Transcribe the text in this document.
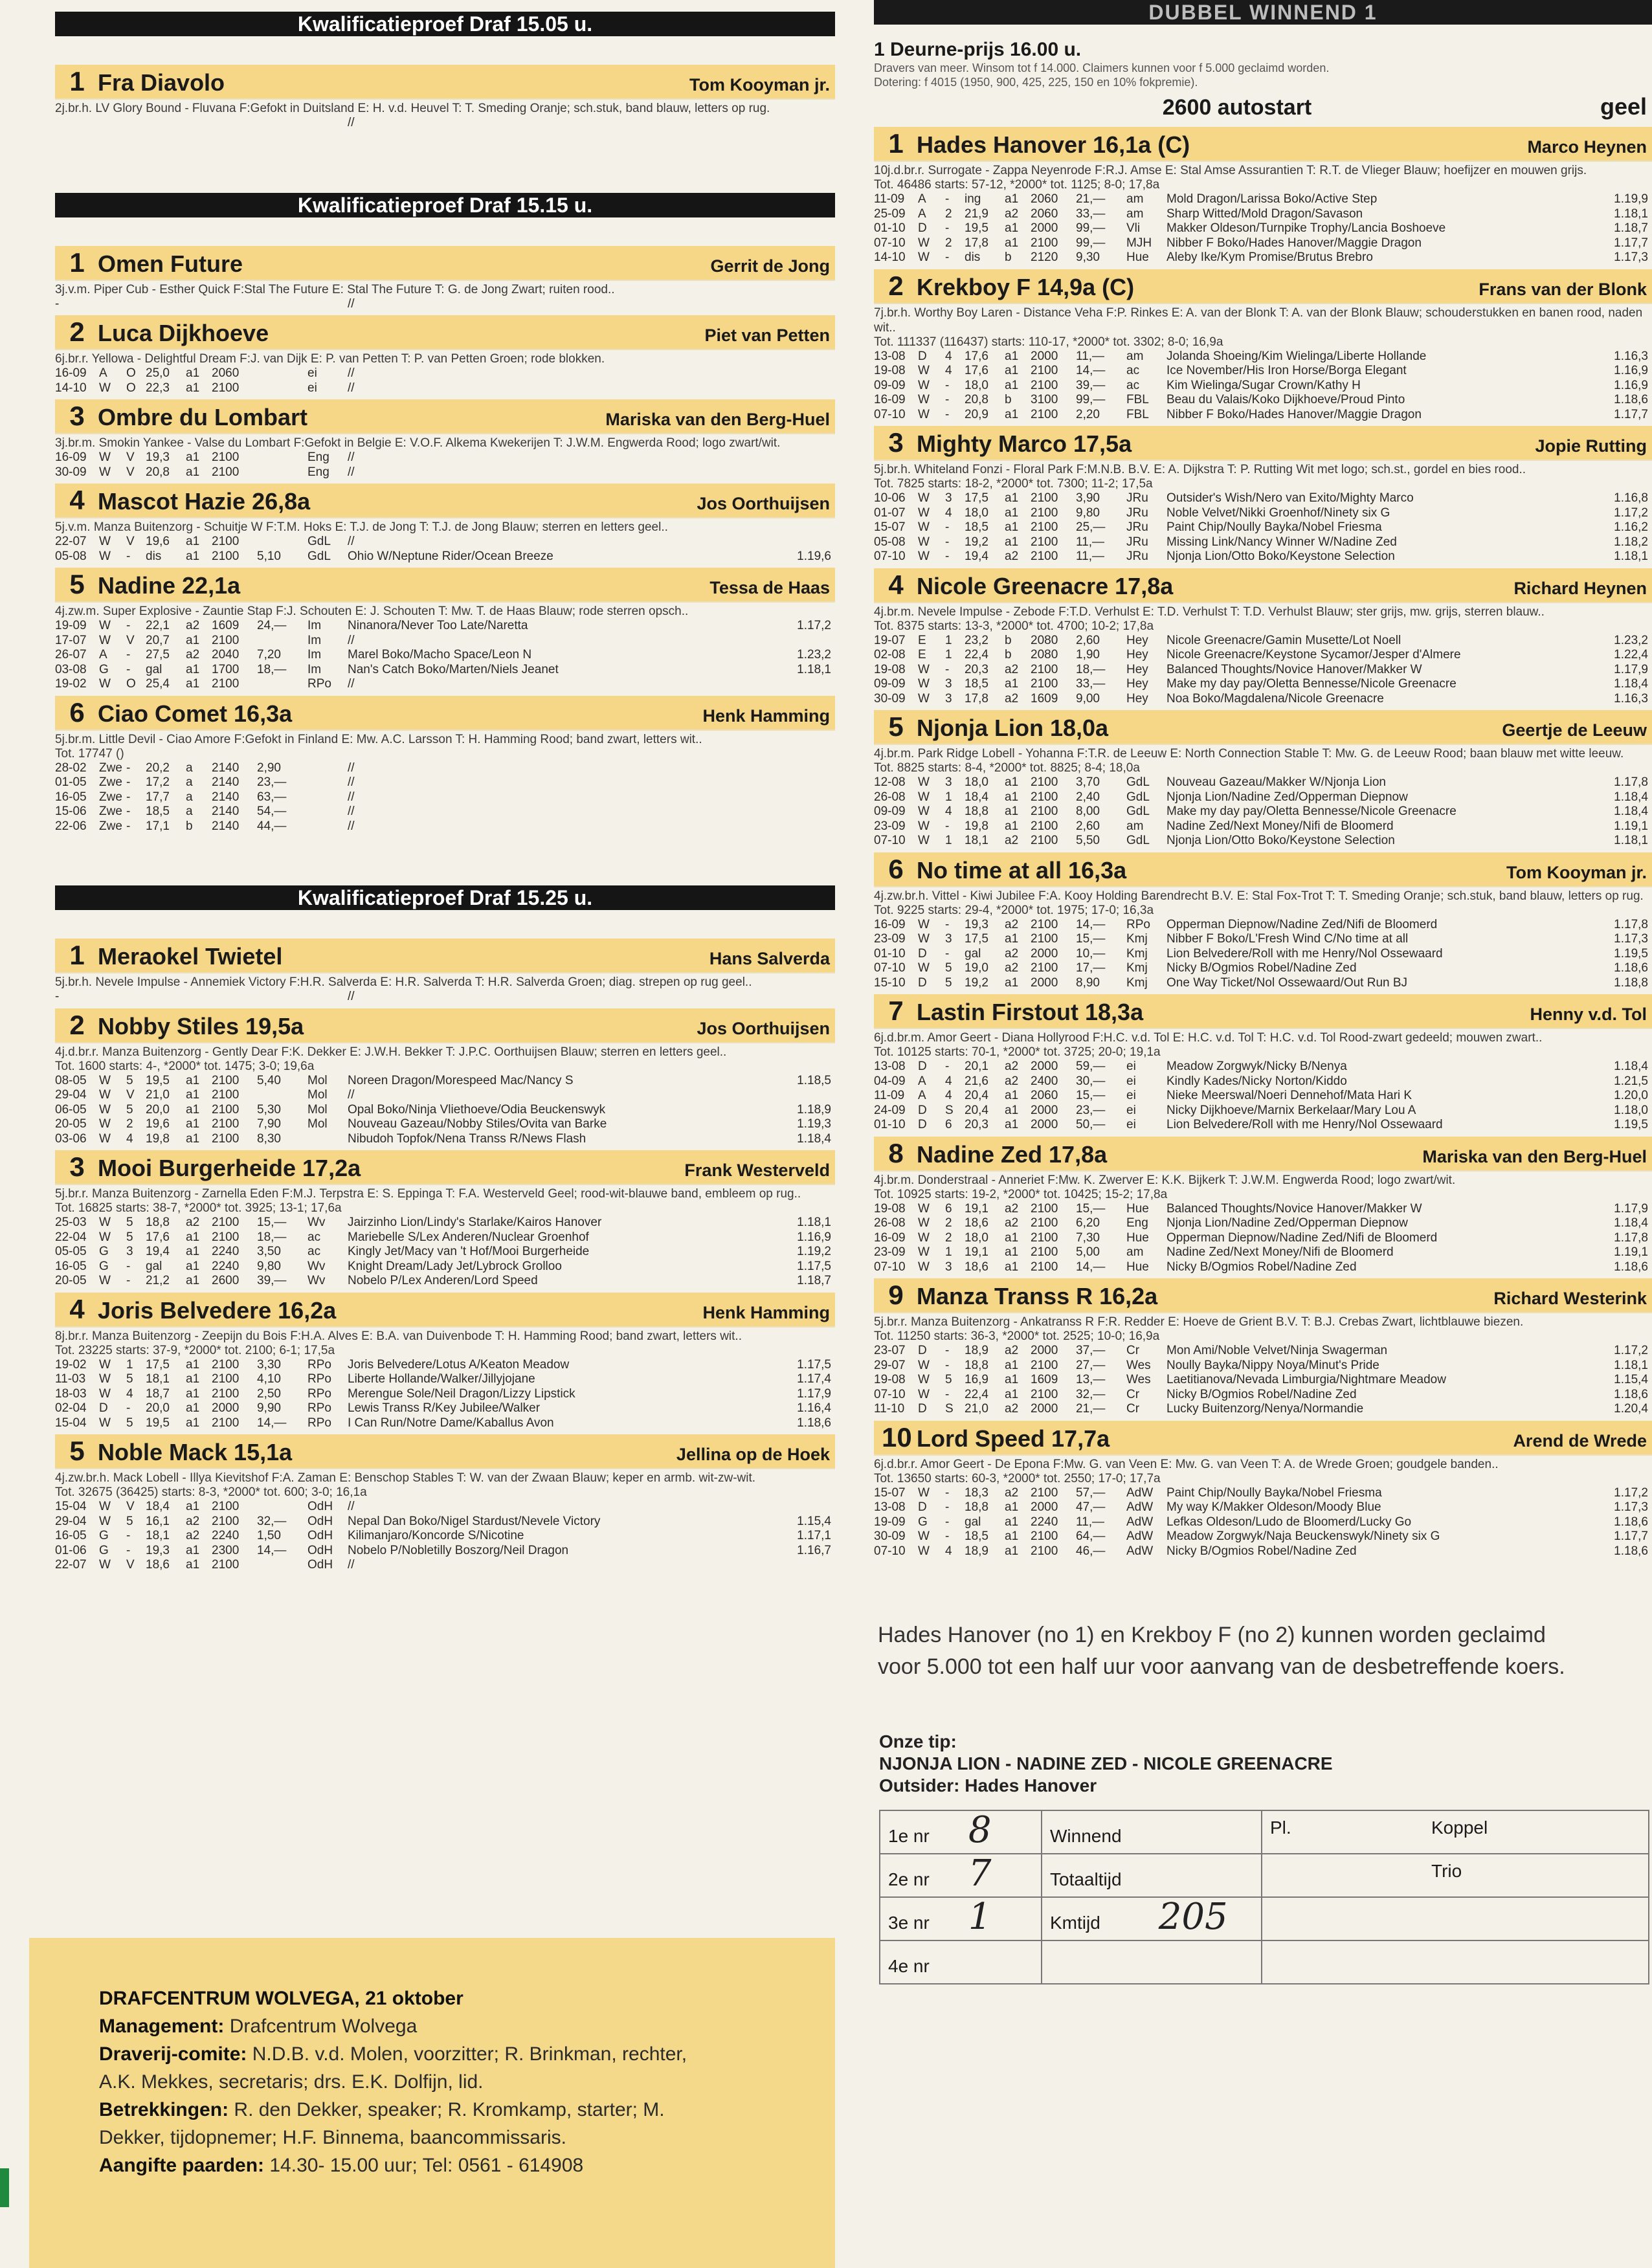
Kwalificatieproef Draf 15.05 u.
1 Fra Diavolo	Tom Kooyman jr.
2j.br.h. LV Glory Bound - Fluvana F:Gefokt in Duitsland E: H. v.d. Heuvel T: T. Smeding Oranje; sch.stuk, band blauw, letters op rug.
								//	
Kwalificatieproef Draf 15.15 u.
1 Omen Future	Gerrit de Jong
3j.v.m. Piper Cub - Esther Quick F:Stal The Future E: Stal The Future T: G. de Jong Zwart; ruiten rood..
-								//	
2 Luca Dijkhoeve	Piet van Petten
6j.br.r. Yellowa - Delightful Dream F:J. van Dijk E: P. van Petten T: P. van Petten Groen; rode blokken.
16-09	A	O	25,0	a1	2060		ei	//	
14-10	W	O	22,3	a1	2100		ei	//	
3 Ombre du Lombart	Mariska van den Berg-Huel
3j.br.m. Smokin Yankee - Valse du Lombart F:Gefokt in Belgie E: V.O.F. Alkema Kwekerijen T: J.W.M. Engwerda Rood; logo zwart/wit.
16-09	W	V	19,3	a1	2100		Eng	//	
30-09	W	V	20,8	a1	2100		Eng	//	
4 Mascot Hazie 26,8a	Jos Oorthuijsen
5j.v.m. Manza Buitenzorg - Schuitje W F:T.M. Hoks E: T.J. de Jong T: T.J. de Jong Blauw; sterren en letters geel..
22-07	W	V	19,6	a1	2100		GdL	//	
05-08	W	-	dis	a1	2100	5,10	GdL	Ohio W/Neptune Rider/Ocean Breeze	1.19,6
5 Nadine 22,1a	Tessa de Haas
4j.zw.m. Super Explosive - Zauntie Stap F:J. Schouten E: J. Schouten T: Mw. T. de Haas Blauw; rode sterren opsch..
19-09	W	-	22,1	a2	1609	24,—	Im	Ninanora/Never Too Late/Naretta	1.17,2
17-07	W	V	20,7	a1	2100		Im	//	
26-07	A	-	27,5	a2	2040	7,20	Im	Marel Boko/Macho Space/Leon N	1.23,2
03-08	G	-	gal	a1	1700	18,—	Im	Nan's Catch Boko/Marten/Niels Jeanet	1.18,1
19-02	W	O	25,4	a1	2100		RPo	//	
6 Ciao Comet 16,3a	Henk Hamming
5j.br.m. Little Devil - Ciao Amore F:Gefokt in Finland E: Mw. A.C. Larsson T: H. Hamming Rood; band zwart, letters wit..
Tot. 17747 ()
28-02	Zwe	-	20,2	a	2140	2,90		//	
01-05	Zwe	-	17,2	a	2140	23,—		//	
16-05	Zwe	-	17,7	a	2140	63,—		//	
15-06	Zwe	-	18,5	a	2140	54,—		//	
22-06	Zwe	-	17,1	b	2140	44,—		//	
Kwalificatieproef Draf 15.25 u.
1 Meraokel Twietel	Hans Salverda
5j.br.h. Nevele Impulse - Annemiek Victory F:H.R. Salverda E: H.R. Salverda T: H.R. Salverda Groen; diag. strepen op rug geel..
-								//	
2 Nobby Stiles 19,5a	Jos Oorthuijsen
4j.d.br.r. Manza Buitenzorg - Gently Dear F:K. Dekker E: J.W.H. Bekker T: J.P.C. Oorthuijsen Blauw; sterren en letters geel..
Tot. 1600 starts: 4-, *2000* tot. 1475; 3-0; 19,6a
08-05	W	5	19,5	a1	2100	5,40	Mol	Noreen Dragon/Morespeed Mac/Nancy S	1.18,5
29-04	W	V	21,0	a1	2100		Mol	//	
06-05	W	5	20,0	a1	2100	5,30	Mol	Opal Boko/Ninja Vliethoeve/Odia Beuckenswyk	1.18,9
20-05	W	2	19,6	a1	2100	7,90	Mol	Nouveau Gazeau/Nobby Stiles/Ovita van Barke	1.19,3
03-06	W	4	19,8	a1	2100	8,30		Nibudoh Topfok/Nena Transs R/News Flash	1.18,4
3 Mooi Burgerheide 17,2a	Frank Westerveld
5j.br.r. Manza Buitenzorg - Zarnella Eden F:M.J. Terpstra E: S. Eppinga T: F.A. Westerveld Geel; rood-wit-blauwe band, embleem op rug..
Tot. 16825 starts: 38-7, *2000* tot. 3925; 13-1; 17,6a
25-03	W	5	18,8	a2	2100	15,—	Wv	Jairzinho Lion/Lindy's Starlake/Kairos Hanover	1.18,1
22-04	W	5	17,6	a1	2100	18,—	ac	Mariebelle S/Lex Anderen/Nuclear Groenhof	1.16,9
05-05	G	3	19,4	a1	2240	3,50	ac	Kingly Jet/Macy van 't Hof/Mooi Burgerheide	1.19,2
16-05	G	-	gal	a1	2240	9,80	Wv	Knight Dream/Lady Jet/Lybrock Grolloo	1.17,5
20-05	W	-	21,2	a1	2600	39,—	Wv	Nobelo P/Lex Anderen/Lord Speed	1.18,7
4 Joris Belvedere 16,2a	Henk Hamming
8j.br.r. Manza Buitenzorg - Zeepijn du Bois F:H.A. Alves E: B.A. van Duivenbode T: H. Hamming Rood; band zwart, letters wit..
Tot. 23225 starts: 37-9, *2000* tot. 2100; 6-1; 17,5a
19-02	W	1	17,5	a1	2100	3,30	RPo	Joris Belvedere/Lotus A/Keaton Meadow	1.17,5
11-03	W	5	18,1	a1	2100	4,10	RPo	Liberte Hollande/Walker/Jillyjojane	1.17,4
18-03	W	4	18,7	a1	2100	2,50	RPo	Merengue Sole/Neil Dragon/Lizzy Lipstick	1.17,9
02-04	D	-	20,0	a1	2000	9,90	RPo	Lewis Transs R/Key Jubilee/Walker	1.16,4
15-04	W	5	19,5	a1	2100	14,—	RPo	I Can Run/Notre Dame/Kaballus Avon	1.18,6
5 Noble Mack 15,1a	Jellina op de Hoek
4j.zw.br.h. Mack Lobell - Illya Kievitshof F:A. Zaman E: Benschop Stables T: W. van der Zwaan Blauw; keper en armb. wit-zw-wit.
Tot. 32675 (36425) starts: 8-3, *2000* tot. 600; 3-0; 16,1a
15-04	W	V	18,4	a1	2100		OdH	//	
29-04	W	5	16,1	a2	2100	32,—	OdH	Nepal Dan Boko/Nigel Stardust/Nevele Victory	1.15,4
16-05	G	-	18,1	a2	2240	1,50	OdH	Kilimanjaro/Koncorde S/Nicotine	1.17,1
01-06	G	-	19,3	a1	2300	14,—	OdH	Nobelo P/Nobletilly Boszorg/Neil Dragon	1.16,7
22-07	W	V	18,6	a1	2100		OdH	//	
DRAFCENTRUM WOLVEGA, 21 oktober
Management: Drafcentrum Wolvega
Draverij-comite: N.D.B. v.d. Molen, voorzitter; R. Brinkman, rechter,
A.K. Mekkes, secretaris; drs. E.K. Dolfijn, lid.
Betrekkingen: R. den Dekker, speaker; R. Kromkamp, starter; M.
Dekker, tijdopnemer; H.F. Binnema, baancommissaris.
Aangifte paarden: 14.30- 15.00 uur; Tel: 0561 - 614908
DUBBEL WINNEND 1
1 Deurne-prijs 16.00 u.
Dravers van meer. Winsom tot f 14.000. Claimers kunnen voor f 5.000 geclaimd worden.
Dotering: f 4015 (1950, 900, 425, 225, 150 en 10% fokpremie).
2600 autostart	geel
1 Hades Hanover 16,1a (C)	Marco Heynen
10j.d.br.r. Surrogate - Zappa Neyenrode F:R.J. Amse E: Stal Amse Assurantien T: R.T. de Vlieger Blauw; hoefijzer en mouwen grijs.
Tot. 46486 starts: 57-12, *2000* tot. 1125; 8-0; 17,8a
11-09	A	-	ing	a1	2060	21,—	am	Mold Dragon/Larissa Boko/Active Step	1.19,9
25-09	A	2	21,9	a2	2060	33,—	am	Sharp Witted/Mold Dragon/Savason	1.18,1
01-10	D	-	19,5	a1	2000	99,—	Vli	Makker Oldeson/Turnpike Trophy/Lancia Boshoeve	1.18,7
07-10	W	2	17,8	a1	2100	99,—	MJH	Nibber F Boko/Hades Hanover/Maggie Dragon	1.17,7
14-10	W	-	dis	b	2120	9,30	Hue	Aleby Ike/Kym Promise/Brutus Brebro	1.17,3
2 Krekboy F 14,9a (C)	Frans van der Blonk
7j.br.h. Worthy Boy Laren - Distance Veha F:P. Rinkes E: A. van der Blonk T: A. van der Blonk Blauw; schouderstukken en banen rood, naden wit..
Tot. 111337 (116437) starts: 110-17, *2000* tot. 3302; 8-0; 16,9a
13-08	D	4	17,6	a1	2000	11,—	am	Jolanda Shoeing/Kim Wielinga/Liberte Hollande	1.16,3
19-08	W	4	17,6	a1	2100	14,—	ac	Ice November/His Iron Horse/Borga Elegant	1.16,9
09-09	W	-	18,0	a1	2100	39,—	ac	Kim Wielinga/Sugar Crown/Kathy H	1.16,9
16-09	W	-	20,8	b	3100	99,—	FBL	Beau du Valais/Koko Dijkhoeve/Proud Pinto	1.18,6
07-10	W	-	20,9	a1	2100	2,20	FBL	Nibber F Boko/Hades Hanover/Maggie Dragon	1.17,7
3 Mighty Marco 17,5a	Jopie Rutting
5j.br.h. Whiteland Fonzi - Floral Park F:M.N.B. B.V. E: A. Dijkstra T: P. Rutting Wit met logo; sch.st., gordel en bies rood..
Tot. 7825 starts: 18-2, *2000* tot. 7300; 11-2; 17,5a
10-06	W	3	17,5	a1	2100	3,90	JRu	Outsider's Wish/Nero van Exito/Mighty Marco	1.16,8
01-07	W	4	18,0	a1	2100	9,80	JRu	Noble Velvet/Nikki Groenhof/Ninety six G	1.17,2
15-07	W	-	18,5	a1	2100	25,—	JRu	Paint Chip/Noully Bayka/Nobel Friesma	1.16,2
05-08	W	-	19,2	a1	2100	11,—	JRu	Missing Link/Nancy Winner W/Nadine Zed	1.18,2
07-10	W	-	19,4	a2	2100	11,—	JRu	Njonja Lion/Otto Boko/Keystone Selection	1.18,1
4 Nicole Greenacre 17,8a	Richard Heynen
4j.br.m. Nevele Impulse - Zebode F:T.D. Verhulst E: T.D. Verhulst T: T.D. Verhulst Blauw; ster grijs, mw. grijs, sterren blauw..
Tot. 8375 starts: 13-3, *2000* tot. 4700; 10-2; 17,8a
19-07	E	1	23,2	b	2080	2,60	Hey	Nicole Greenacre/Gamin Musette/Lot Noell	1.23,2
02-08	E	1	22,4	b	2080	1,90	Hey	Nicole Greenacre/Keystone Sycamor/Jesper d'Almere	1.22,4
19-08	W	-	20,3	a2	2100	18,—	Hey	Balanced Thoughts/Novice Hanover/Makker W	1.17,9
09-09	W	3	18,5	a1	2100	33,—	Hey	Make my day pay/Oletta Bennesse/Nicole Greenacre	1.18,4
30-09	W	3	17,8	a2	1609	9,00	Hey	Noa Boko/Magdalena/Nicole Greenacre	1.16,3
5 Njonja Lion 18,0a	Geertje de Leeuw
4j.br.m. Park Ridge Lobell - Yohanna F:T.R. de Leeuw E: North Connection Stable T: Mw. G. de Leeuw Rood; baan blauw met witte leeuw.
Tot. 8825 starts: 8-4, *2000* tot. 8825; 8-4; 18,0a
12-08	W	3	18,0	a1	2100	3,70	GdL	Nouveau Gazeau/Makker W/Njonja Lion	1.17,8
26-08	W	1	18,4	a1	2100	2,40	GdL	Njonja Lion/Nadine Zed/Opperman Diepnow	1.18,4
09-09	W	4	18,8	a1	2100	8,00	GdL	Make my day pay/Oletta Bennesse/Nicole Greenacre	1.18,4
23-09	W	-	19,8	a1	2100	2,60	am	Nadine Zed/Next Money/Nifi de Bloomerd	1.19,1
07-10	W	1	18,1	a2	2100	5,50	GdL	Njonja Lion/Otto Boko/Keystone Selection	1.18,1
6 No time at all 16,3a	Tom Kooyman jr.
4j.zw.br.h. Vittel - Kiwi Jubilee F:A. Kooy Holding Barendrecht B.V. E: Stal Fox-Trot T: T. Smeding Oranje; sch.stuk, band blauw, letters op rug.
Tot. 9225 starts: 29-4, *2000* tot. 1975; 17-0; 16,3a
16-09	W	-	19,3	a2	2100	14,—	RPo	Opperman Diepnow/Nadine Zed/Nifi de Bloomerd	1.17,8
23-09	W	3	17,5	a1	2100	15,—	Kmj	Nibber F Boko/L'Fresh Wind C/No time at all	1.17,3
01-10	D	-	gal	a2	2000	10,—	Kmj	Lion Belvedere/Roll with me Henry/Nol Ossewaard	1.19,5
07-10	W	5	19,0	a2	2100	17,—	Kmj	Nicky B/Ogmios Robel/Nadine Zed	1.18,6
15-10	D	5	19,2	a1	2000	8,90	Kmj	One Way Ticket/Nol Ossewaard/Out Run BJ	1.18,8
7 Lastin Firstout 18,3a	Henny v.d. Tol
6j.d.br.m. Amor Geert - Diana Hollyrood F:H.C. v.d. Tol E: H.C. v.d. Tol T: H.C. v.d. Tol Rood-zwart gedeeld; mouwen zwart..
Tot. 10125 starts: 70-1, *2000* tot. 3725; 20-0; 19,1a
13-08	D	-	20,1	a2	2000	59,—	ei	Meadow Zorgwyk/Nicky B/Nenya	1.18,4
04-09	A	4	21,6	a2	2400	30,—	ei	Kindly Kades/Nicky Norton/Kiddo	1.21,5
11-09	A	4	20,4	a1	2060	15,—	ei	Nieke Meerswal/Noeri Dennehof/Mata Hari K	1.20,0
24-09	D	S	20,4	a1	2000	23,—	ei	Nicky Dijkhoeve/Marnix Berkelaar/Mary Lou A	1.18,0
01-10	D	6	20,3	a1	2000	50,—	ei	Lion Belvedere/Roll with me Henry/Nol Ossewaard	1.19,5
8 Nadine Zed 17,8a	Mariska van den Berg-Huel
4j.br.m. Donderstraal - Anneriet F:Mw. K. Zwerver E: K.K. Bijkerk T: J.W.M. Engwerda Rood; logo zwart/wit.
Tot. 10925 starts: 19-2, *2000* tot. 10425; 15-2; 17,8a
19-08	W	6	19,1	a2	2100	15,—	Hue	Balanced Thoughts/Novice Hanover/Makker W	1.17,9
26-08	W	2	18,6	a2	2100	6,20	Eng	Njonja Lion/Nadine Zed/Opperman Diepnow	1.18,4
16-09	W	2	18,0	a1	2100	7,30	Hue	Opperman Diepnow/Nadine Zed/Nifi de Bloomerd	1.17,8
23-09	W	1	19,1	a1	2100	5,00	am	Nadine Zed/Next Money/Nifi de Bloomerd	1.19,1
07-10	W	3	18,6	a1	2100	14,—	Hue	Nicky B/Ogmios Robel/Nadine Zed	1.18,6
9 Manza Transs R 16,2a	Richard Westerink
5j.br.r. Manza Buitenzorg - Ankatranss R F:R. Redder E: Hoeve de Grient B.V. T: B.J. Crebas Zwart, lichtblauwe biezen.
Tot. 11250 starts: 36-3, *2000* tot. 2525; 10-0; 16,9a
23-07	D	-	18,9	a2	2000	37,—	Cr	Mon Ami/Noble Velvet/Ninja Swagerman	1.17,2
29-07	W	-	18,8	a1	2100	27,—	Wes	Noully Bayka/Nippy Noya/Minut's Pride	1.18,1
19-08	W	5	16,9	a1	1609	13,—	Wes	Laetitianova/Nevada Limburgia/Nightmare Meadow	1.15,4
07-10	W	-	22,4	a1	2100	32,—	Cr	Nicky B/Ogmios Robel/Nadine Zed	1.18,6
11-10	D	S	21,0	a2	2000	21,—	Cr	Lucky Buitenzorg/Nenya/Normandie	1.20,4
10 Lord Speed 17,7a	Arend de Wrede
6j.d.br.r. Amor Geert - De Epona F:Mw. G. van Veen E: Mw. G. van Veen T: A. de Wrede Groen; goudgele banden..
Tot. 13650 starts: 60-3, *2000* tot. 2550; 17-0; 17,7a
15-07	W	-	18,3	a2	2100	57,—	AdW	Paint Chip/Noully Bayka/Nobel Friesma	1.17,2
13-08	D	-	18,8	a1	2000	47,—	AdW	My way K/Makker Oldeson/Moody Blue	1.17,3
19-09	G	-	gal	a1	2240	11,—	AdW	Lefkas Oldeson/Ludo de Bloomerd/Lucky Go	1.18,6
30-09	W	-	18,5	a1	2100	64,—	AdW	Meadow Zorgwyk/Naja Beuckenswyk/Ninety six G	1.17,7
07-10	W	4	18,9	a1	2100	46,—	AdW	Nicky B/Ogmios Robel/Nadine Zed	1.18,6
Hades Hanover (no 1) en Krekboy F (no 2) kunnen worden geclaimd
voor 5.000 tot een half uur voor aanvang van de desbetreffende koers.
Onze tip:
NJONJA LION - NADINE ZED - NICOLE GREENACRE
Outsider: Hades Hanover
1e nr 8	Winnend	Pl.	Koppel
2e nr 7	Totaaltijd		Trio
3e nr 1	Kmtijd 205		
4e nr			
